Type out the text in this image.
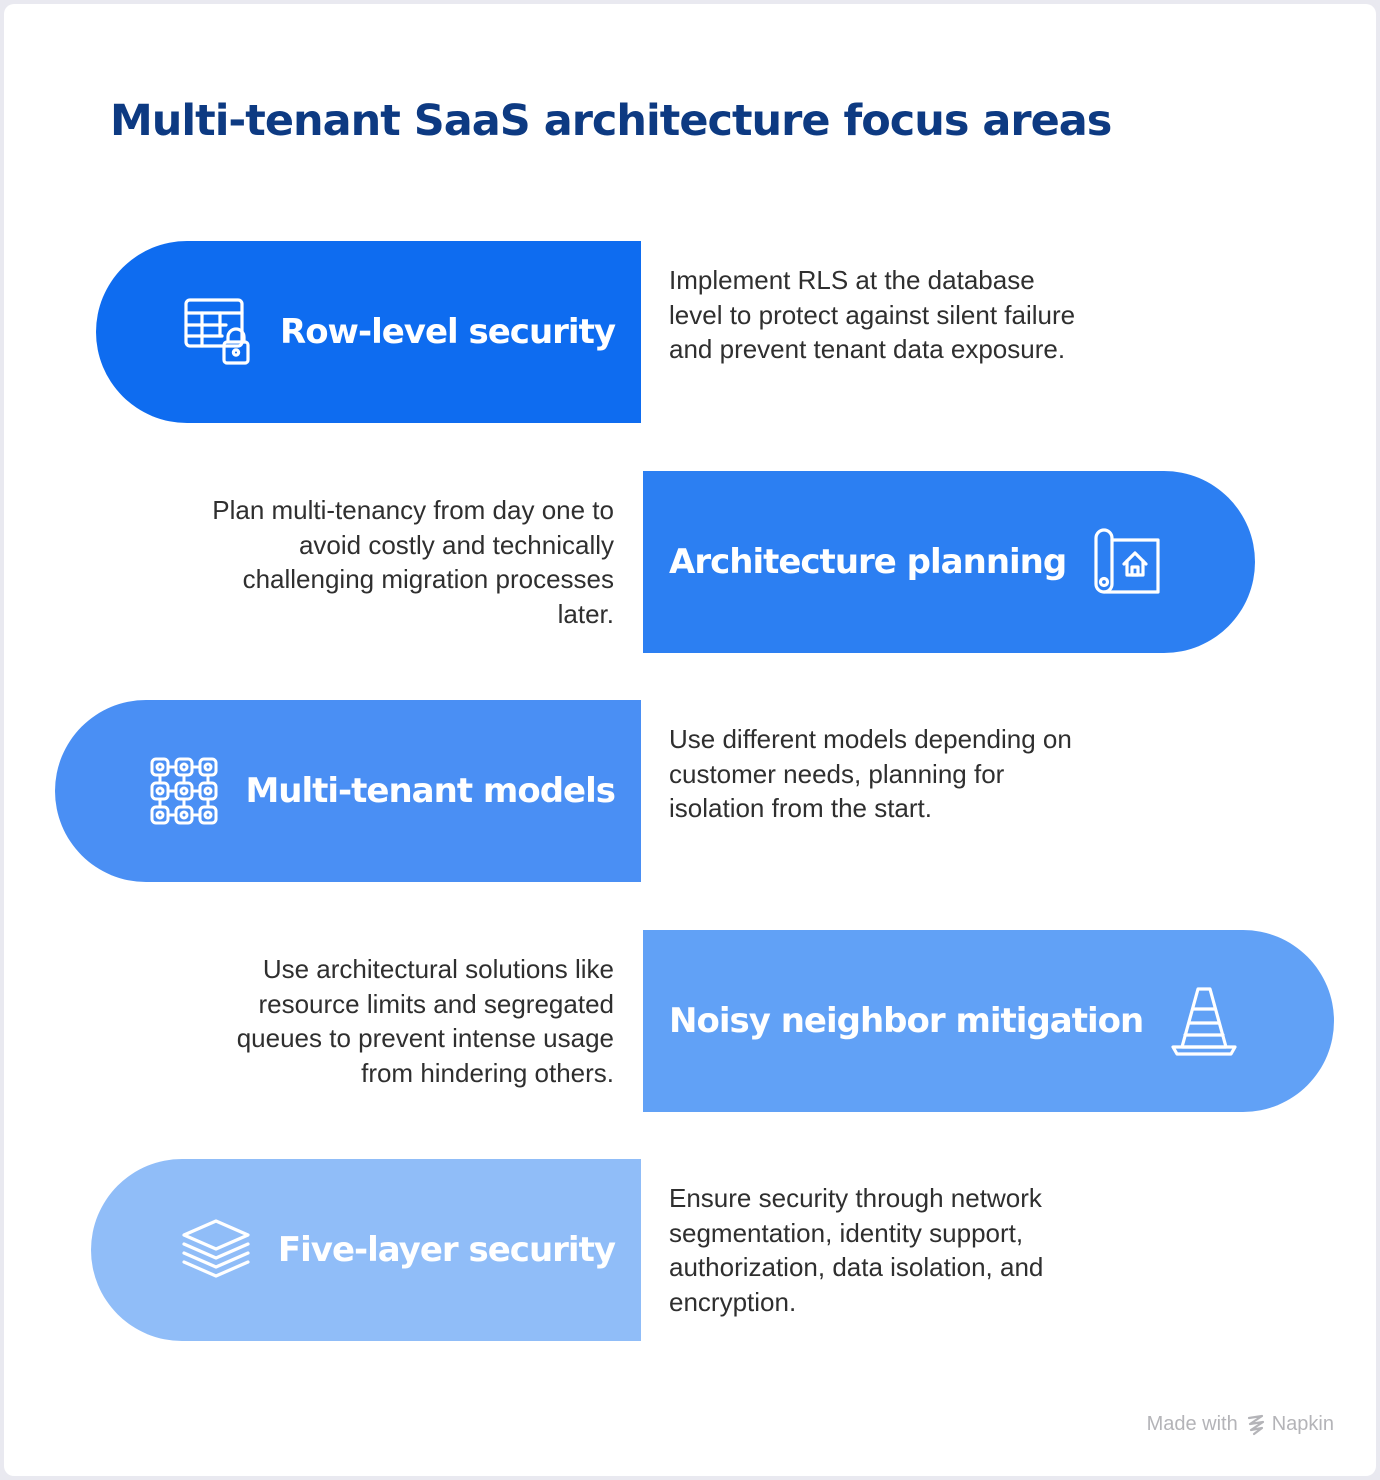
Multi-tenant SaaS architecture focus areas
Row-level security

Implement RLS at the database level to protect against silent failure and prevent tenant data exposure.

Plan multi-tenancy from day one to avoid costly and technically challenging migration processes later.

Architecture planning
Multi-tenant models

Use different models depending on customer needs, planning for isolation from the start.

Use architectural solutions like resource limits and segregated queues to prevent intense usage from hindering others.

Noisy neighbor mitigation
Five-layer security

Ensure security through network segmentation, identity support, authorization, data isolation, and encryption.

Made with Napkin
